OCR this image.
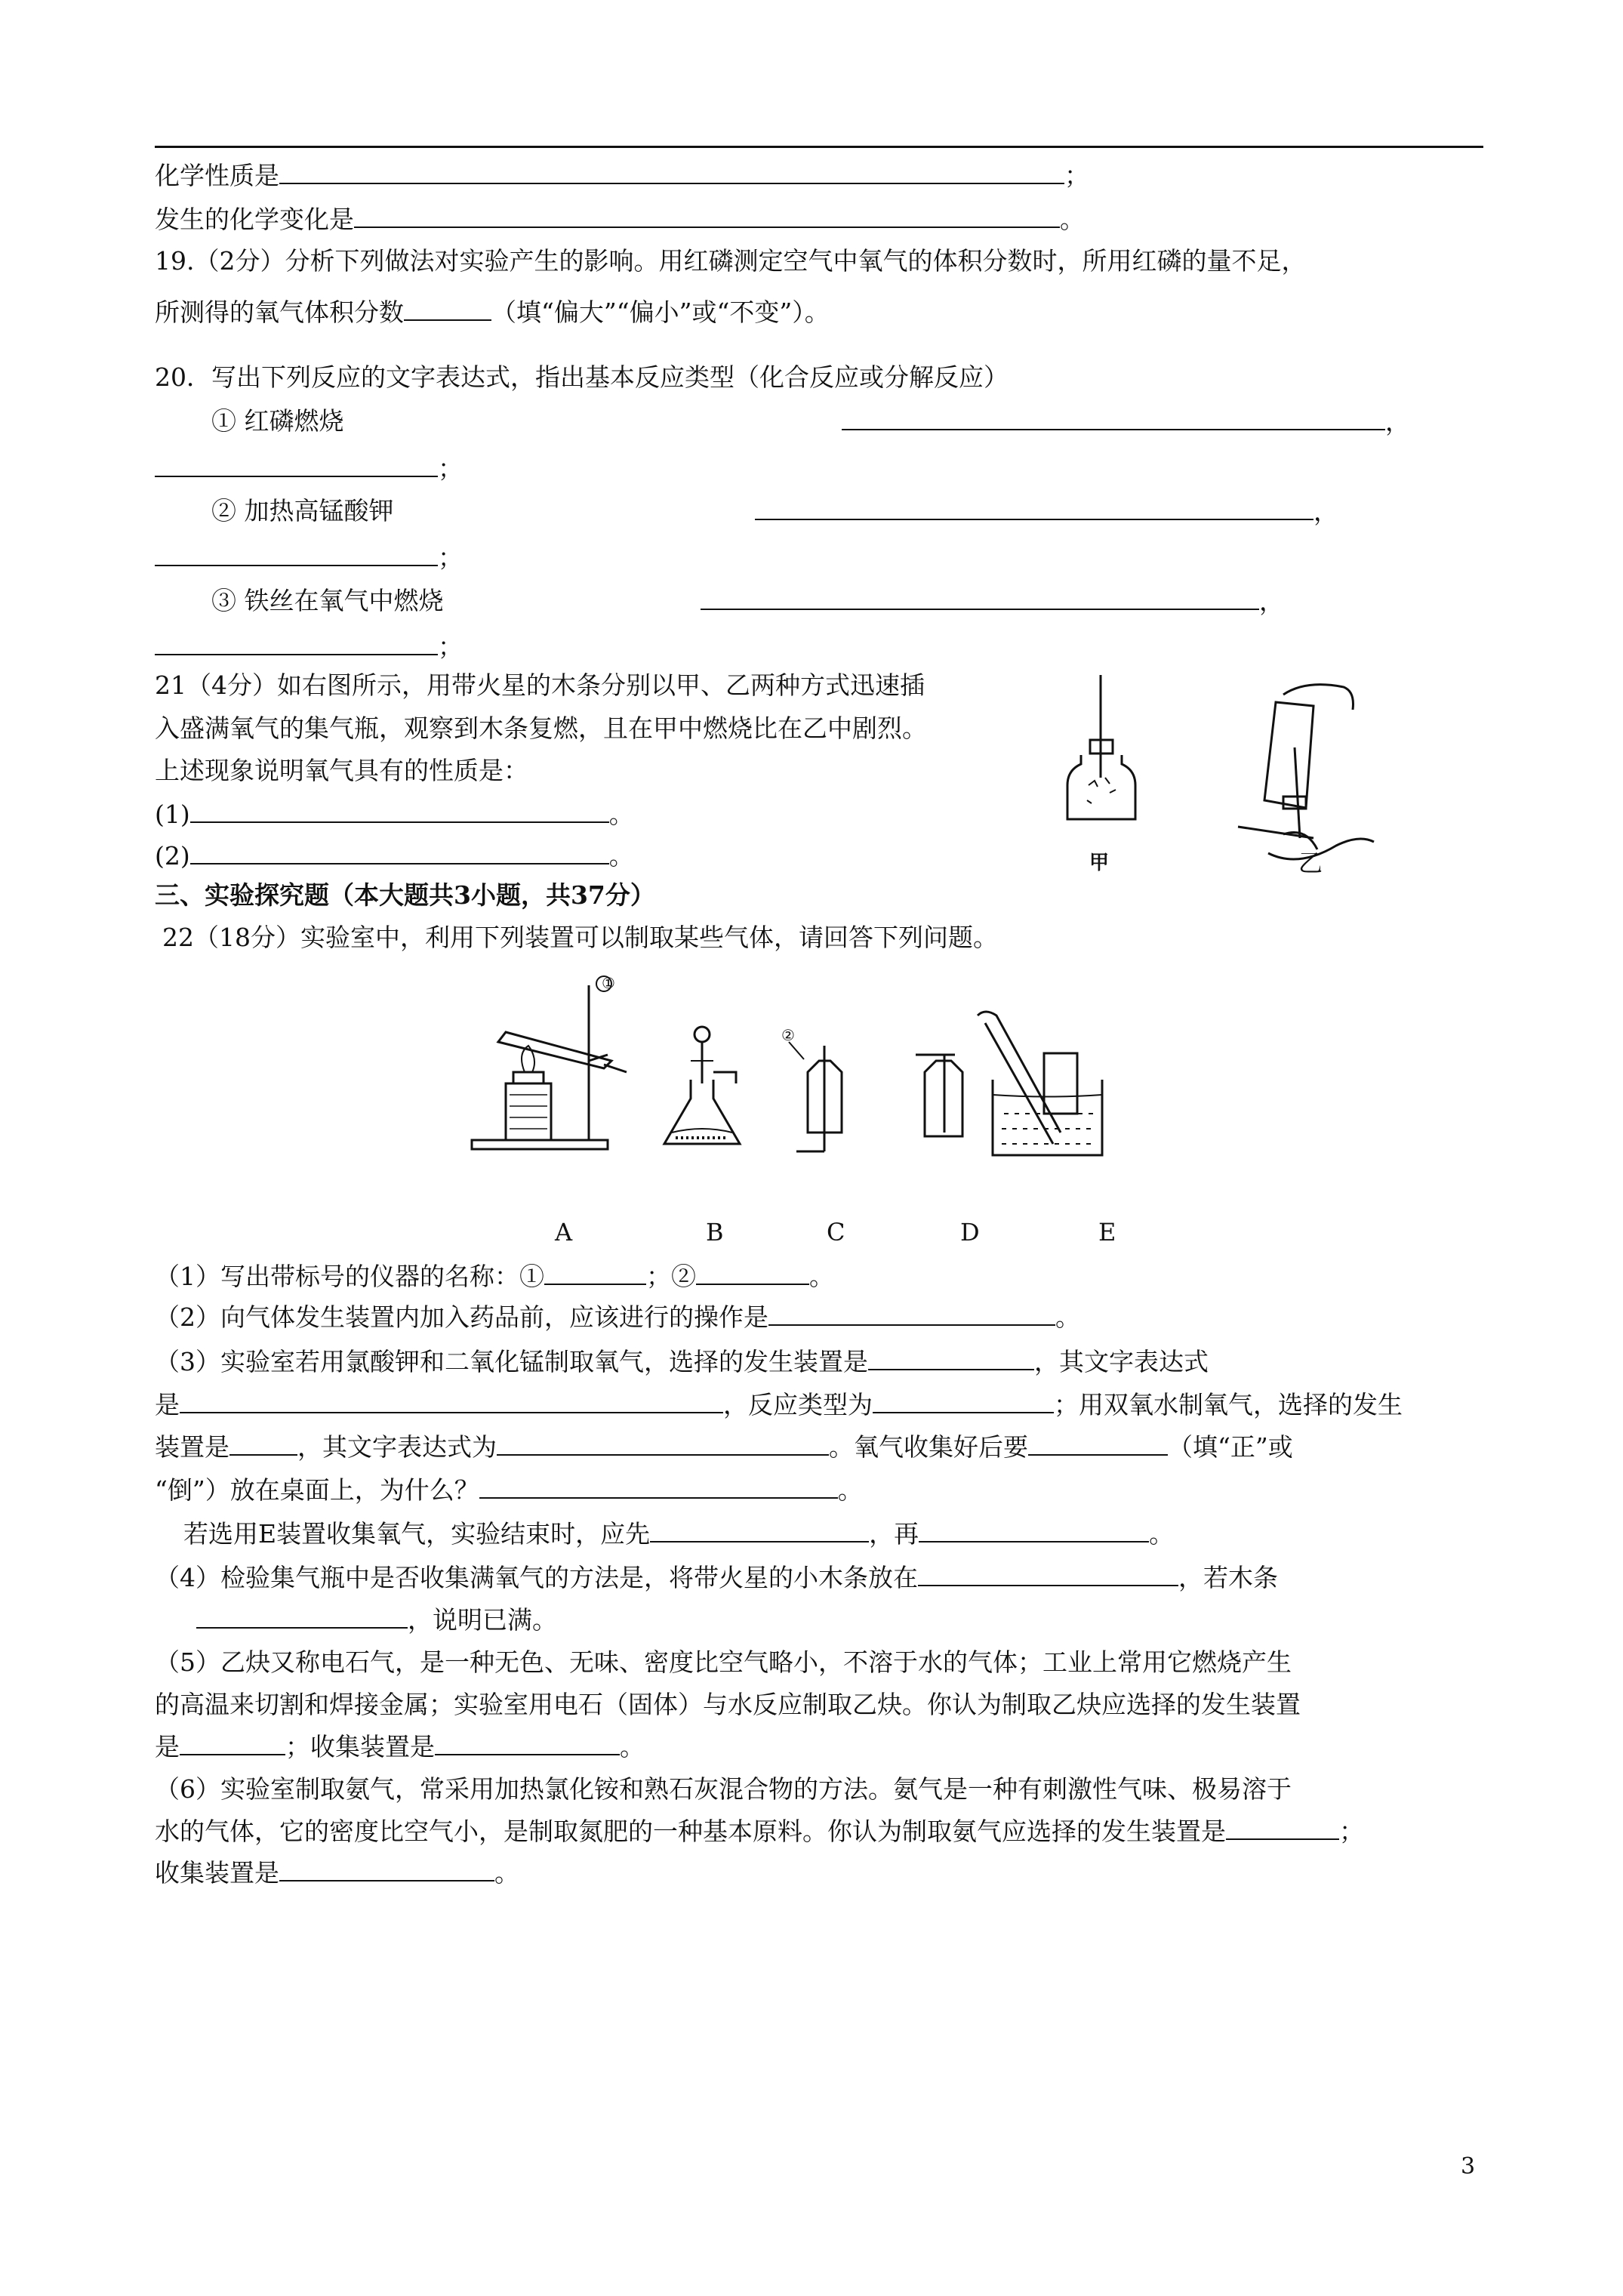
化学性质是	；
发生的化学变化是	。
19.（2分）分析下列做法对实验产生的影响。用红磷测定空气中氧气的体积分数时，所用红磷的量不足，
所测得的氧气体积分数	（填“偏大”“偏小”或“不变”）。
20．写出下列反应的文字表达式，指出基本反应类型（化合反应或分解反应）
① 红磷燃烧	，
；
② 加热高锰酸钾	，
；
③ 铁丝在氧气中燃烧	，
；
21（4分）如右图所示，用带火星的木条分别以甲、乙两种方式迅速插
入盛满氧气的集气瓶，观察到木条复燃，且在甲中燃烧比在乙中剧烈。
上述现象说明氧气具有的性质是：
(1)	。
(2)	。	甲	乙
三、实验探究题（本大题共3小题，共37分）
22（18分）实验室中，利用下列装置可以制取某些气体，请回答下列问题。
①
②
A	B	C	D	E
（1）写出带标号的仪器的名称：①	；②	。
（2）向气体发生装置内加入药品前，应该进行的操作是	。
（3）实验室若用氯酸钾和二氧化锰制取氧气，选择的发生装置是	，其文字表达式
是	，反应类型为	；用双氧水制氧气，选择的发生
装置是	，其文字表达式为	。氧气收集好后要	（填“正”或
“倒”）放在桌面上，为什么？	。
若选用E装置收集氧气，实验结束时，应先	，再	。
（4）检验集气瓶中是否收集满氧气的方法是，将带火星的小木条放在	，若木条
，说明已满。
（5）乙炔又称电石气，是一种无色、无味、密度比空气略小，不溶于水的气体；工业上常用它燃烧产生
的高温来切割和焊接金属；实验室用电石（固体）与水反应制取乙炔。你认为制取乙炔应选择的发生装置
是	；收集装置是	。
（6）实验室制取氨气，常采用加热氯化铵和熟石灰混合物的方法。氨气是一种有刺激性气味、极易溶于
水的气体，它的密度比空气小，是制取氮肥的一种基本原料。你认为制取氨气应选择的发生装置是	；
收集装置是	。
3
